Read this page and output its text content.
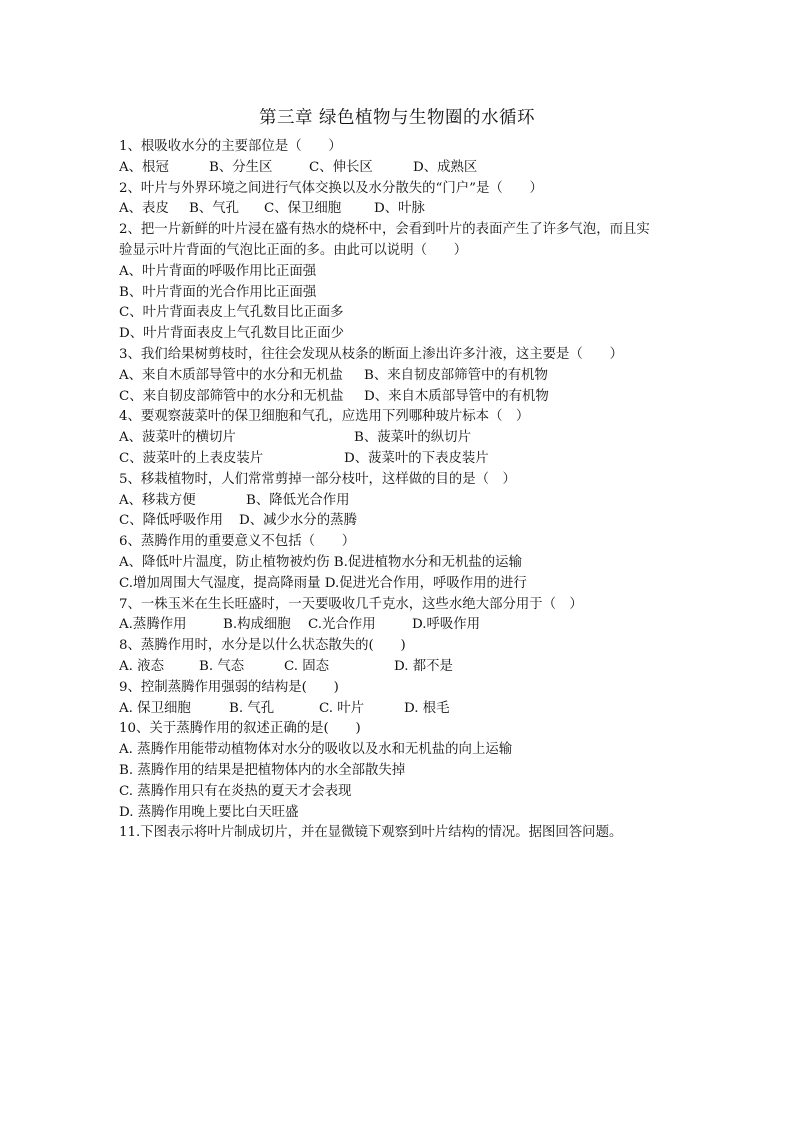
第三章 绿色植物与生物圈的水循环
1、根吸收水分的主要部位是（　　）
A、根冠	B、分生区	C、伸长区	D、成熟区
2、叶片与外界环境之间进行气体交换以及水分散失的“门户”是（　　）
A、表皮	B、气孔	C、保卫细胞	D、叶脉
2、把一片新鲜的叶片浸在盛有热水的烧杯中，会看到叶片的表面产生了许多气泡，而且实
验显示叶片背面的气泡比正面的多。由此可以说明（　　）
A、叶片背面的呼吸作用比正面强
B、叶片背面的光合作用比正面强
C、叶片背面表皮上气孔数目比正面多
D、叶片背面表皮上气孔数目比正面少
3、我们给果树剪枝时，往往会发现从枝条的断面上渗出许多汁液，这主要是（　　）
A、来自木质部导管中的水分和无机盐	B、来自韧皮部筛管中的有机物
C、来自韧皮部筛管中的水分和无机盐	D、来自木质部导管中的有机物
4、要观察菠菜叶的保卫细胞和气孔，应选用下列哪种玻片标本（　）
A、菠菜叶的横切片	B、菠菜叶的纵切片
C、菠菜叶的上表皮装片	D、菠菜叶的下表皮装片
5、移栽植物时，人们常常剪掉一部分枝叶，这样做的目的是（　）
A、移栽方便	B、降低光合作用
C、降低呼吸作用	D、减少水分的蒸腾
6、蒸腾作用的重要意义不包括（　　）
A、降低叶片温度，防止植物被灼伤 B.促进植物水分和无机盐的运输
C.增加周围大气湿度，提高降雨量 D.促进光合作用，呼吸作用的进行
7、一株玉米在生长旺盛时，一天要吸收几千克水，这些水绝大部分用于（　）
A.蒸腾作用	B.构成细胞	C.光合作用	D.呼吸作用
8、蒸腾作用时，水分是以什么状态散失的(　　)
A. 液态	B. 气态	C. 固态	D. 都不是
9、控制蒸腾作用强弱的结构是(　　)
A. 保卫细胞	B. 气孔	C. 叶片	D. 根毛
10、关于蒸腾作用的叙述正确的是(　　)
A. 蒸腾作用能带动植物体对水分的吸收以及水和无机盐的向上运输
B. 蒸腾作用的结果是把植物体内的水全部散失掉
C. 蒸腾作用只有在炎热的夏天才会表现
D. 蒸腾作用晚上要比白天旺盛
11.下图表示将叶片制成切片，并在显微镜下观察到叶片结构的情况。据图回答问题。
